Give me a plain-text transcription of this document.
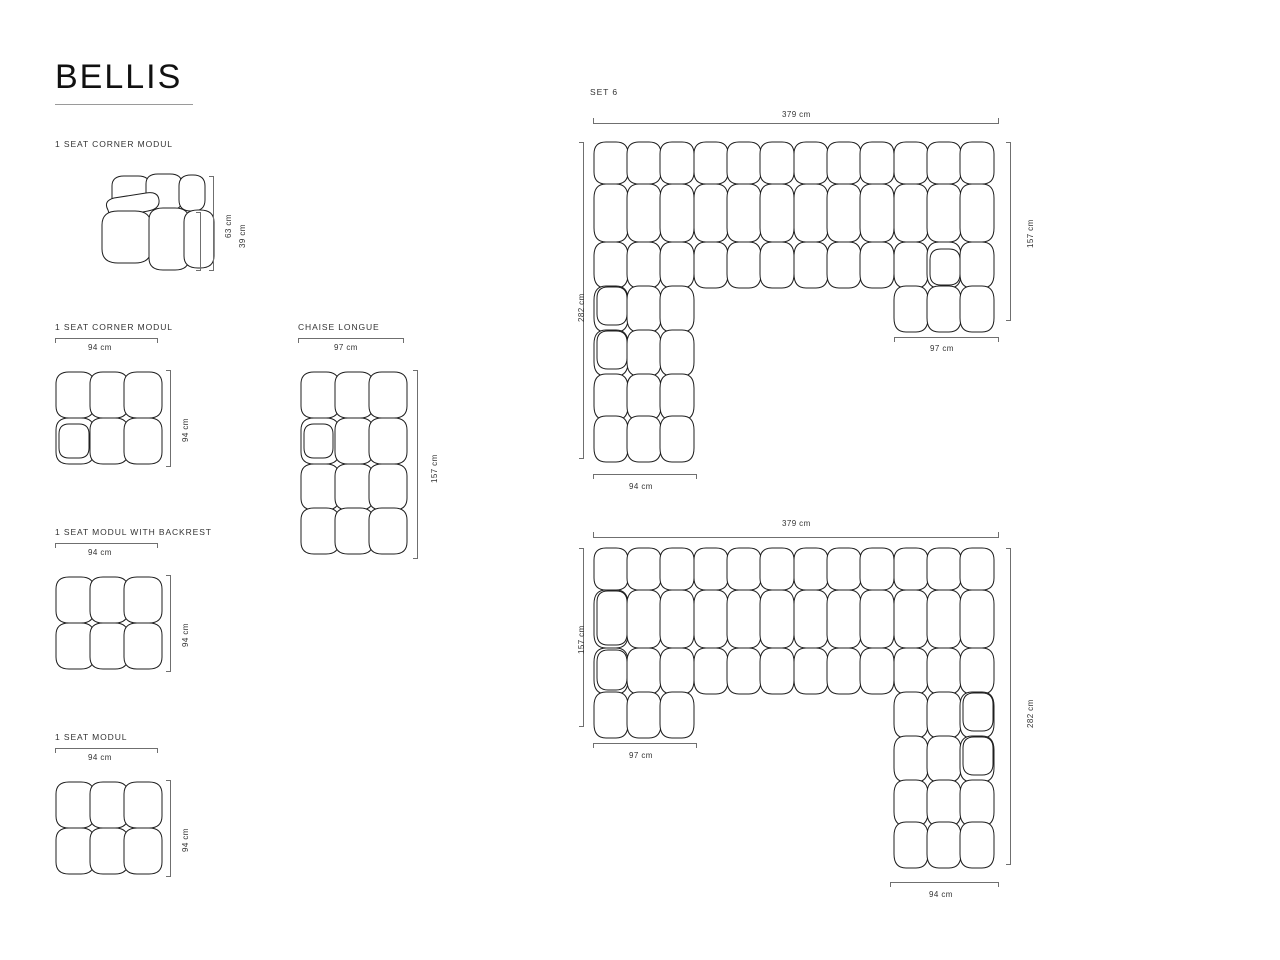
BELLIS
1 SEAT CORNER MODUL
63 cm 39 cm
1 SEAT CORNER MODUL
94 cm
94 cm
CHAISE LONGUE
97 cm
157 cm
1 SEAT MODUL WITH BACKREST
94 cm
94 cm
1 SEAT MODUL
94 cm
94 cm
SET 6
379 cm
282 cm
157 cm
94 cm
97 cm
379 cm
157 cm
282 cm
97 cm
94 cm
